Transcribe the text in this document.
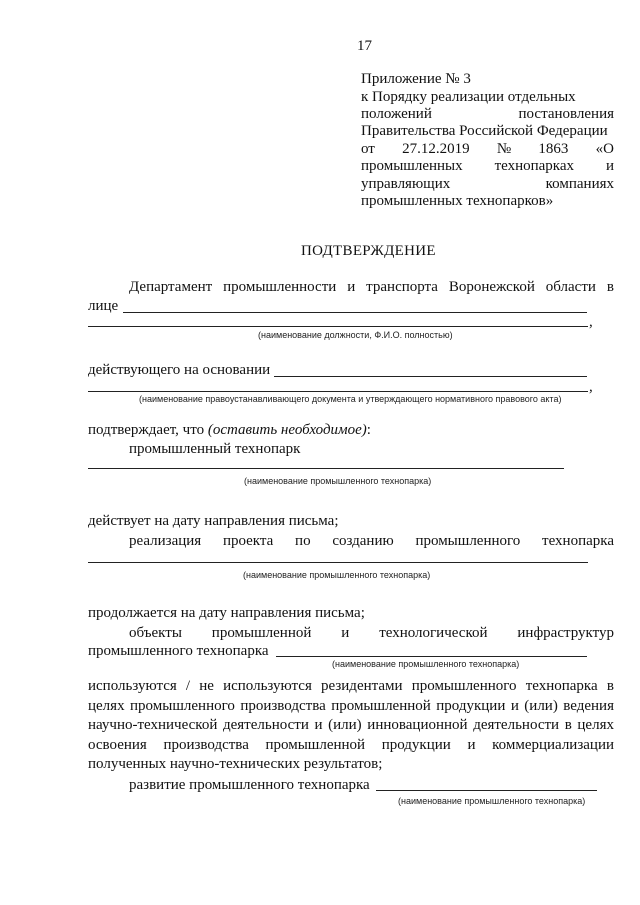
17
Приложение № 3
к Порядку реализации отдельных
положений	постановления
Правительства Российской Федерации
от 27.12.2019 № 1863 «О
промышленных технопарках и
управляющих	компаниях
промышленных технопарков»
ПОДТВЕРЖДЕНИЕ
Департамент промышленности и транспорта Воронежской области в
лице
,
(наименование должности, Ф.И.О. полностью)
действующего на основании
,
(наименование правоустанавливающего документа и утверждающего нормативного правового акта)
подтверждает, что (оставить необходимое):
промышленный технопарк
(наименование промышленного технопарка)
действует на дату направления письма;
реализация проекта по созданию промышленного технопарка
(наименование промышленного технопарка)
продолжается на дату направления письма;
объекты промышленной и технологической инфраструктур
промышленного технопарка
(наименование промышленного технопарка)
используются / не используются резидентами промышленного технопарка в
целях промышленного производства промышленной продукции и (или) ведения
научно-технической деятельности и (или) инновационной деятельности в целях
освоения производства промышленной продукции и коммерциализации
полученных научно-технических результатов;
развитие промышленного технопарка
(наименование промышленного технопарка)
